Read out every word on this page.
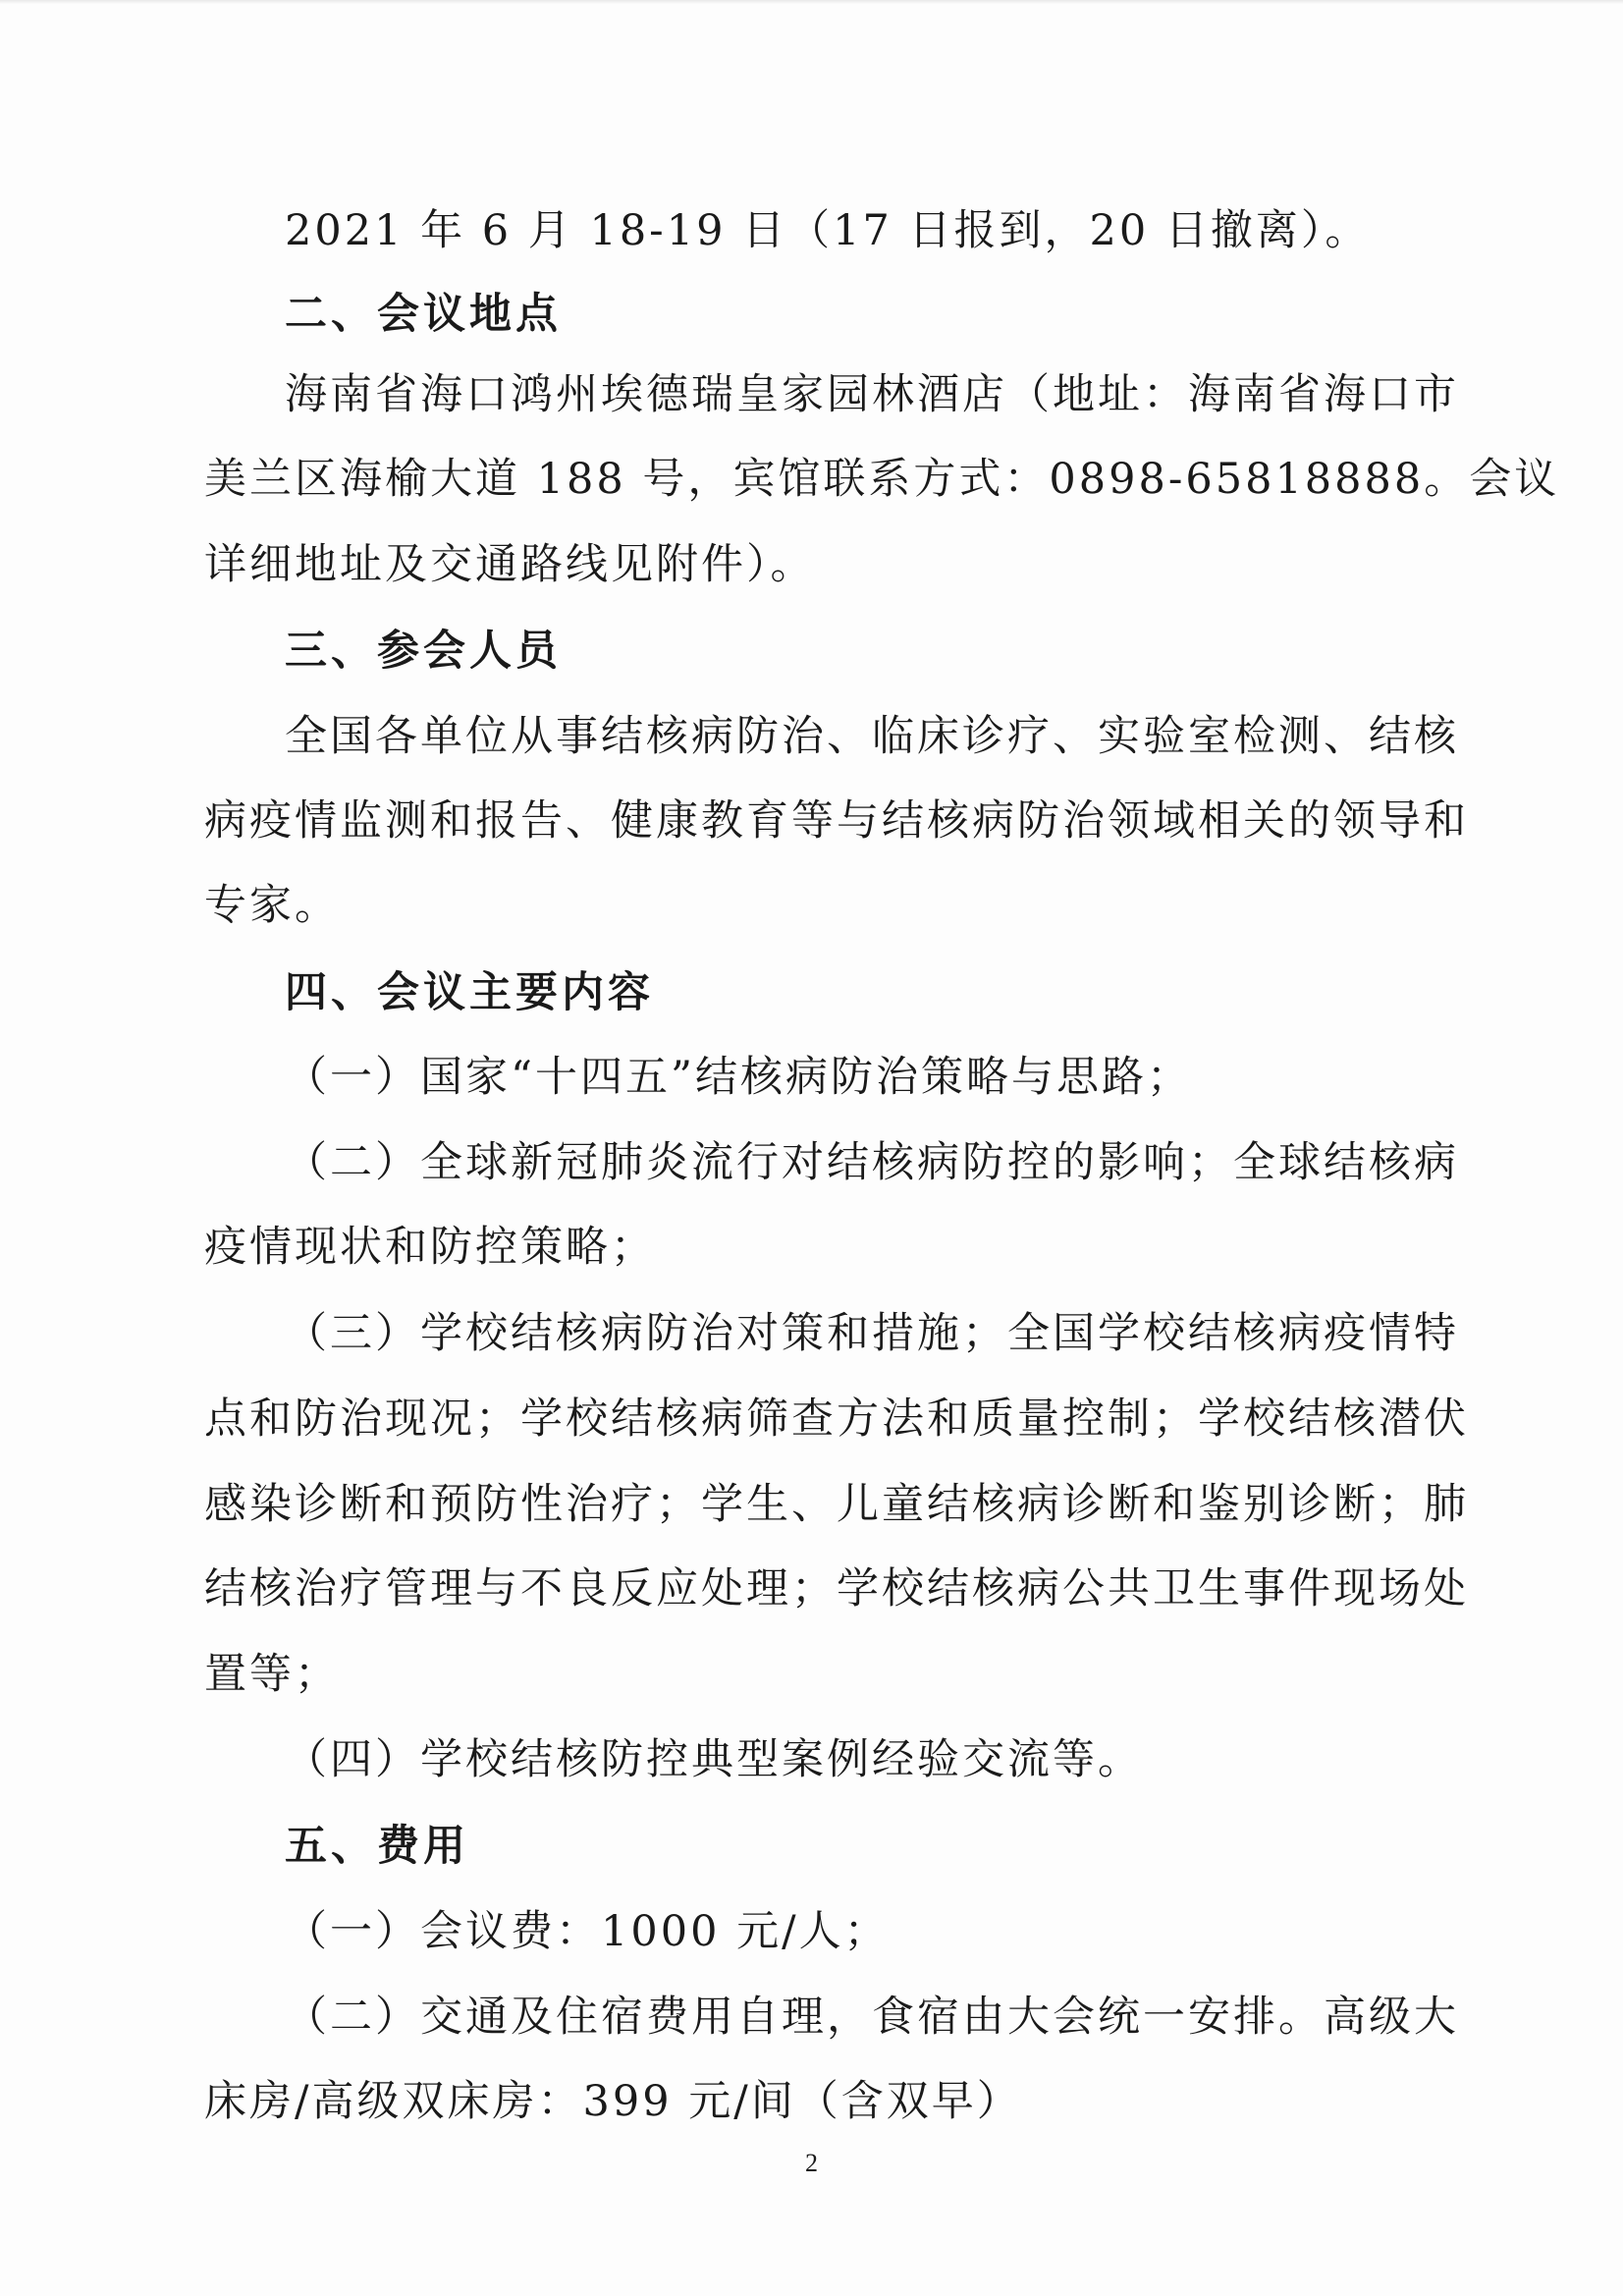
2021 年 6 月 18-19 日（17 日报到，20 日撤离）。
二、会议地点
海南省海口鸿州埃德瑞皇家园林酒店（地址：海南省海口市
美兰区海榆大道 188 号，宾馆联系方式：0898-65818888。会议
详细地址及交通路线见附件）。
三、参会人员
全国各单位从事结核病防治、临床诊疗、实验室检测、结核
病疫情监测和报告、健康教育等与结核病防治领域相关的领导和
专家。
四、会议主要内容
（一）国家“十四五”结核病防治策略与思路；
（二）全球新冠肺炎流行对结核病防控的影响；全球结核病
疫情现状和防控策略；
（三）学校结核病防治对策和措施；全国学校结核病疫情特
点和防治现况；学校结核病筛查方法和质量控制；学校结核潜伏
感染诊断和预防性治疗；学生、儿童结核病诊断和鉴别诊断；肺
结核治疗管理与不良反应处理；学校结核病公共卫生事件现场处
置等；
（四）学校结核防控典型案例经验交流等。
五、费用
（一）会议费：1000 元/人；
（二）交通及住宿费用自理，食宿由大会统一安排。高级大
床房/高级双床房：399 元/间（含双早）
2
